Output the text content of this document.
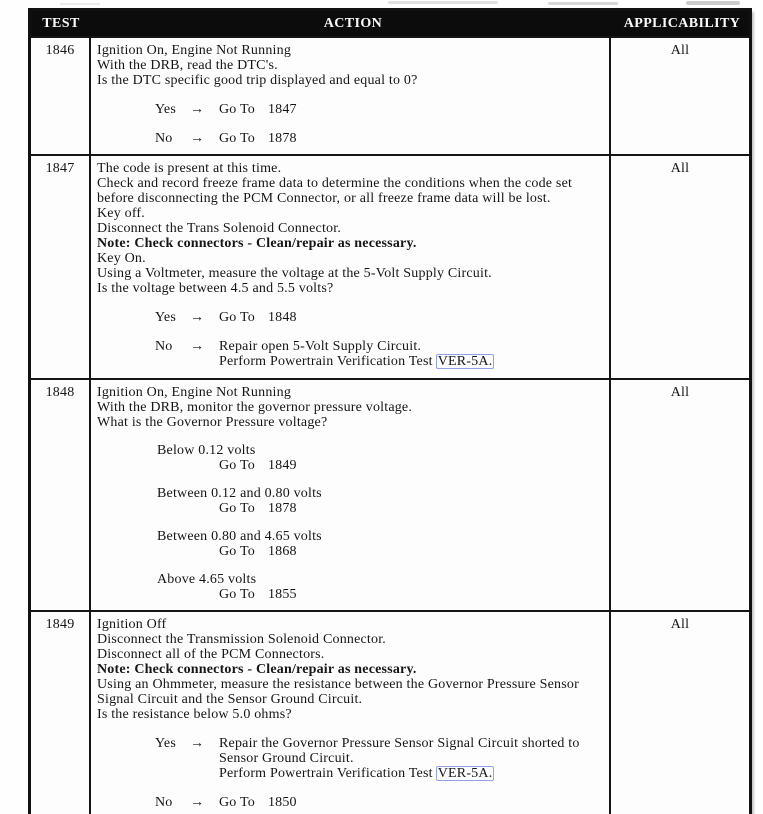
TEST	ACTION	APPLICABILITY
1846	Ignition On, Engine Not Running
With the DRB, read the DTC's.
Is the DTC specific good trip displayed and equal to 0?
Yes	→	Go To 1847
No	→	Go To 1878
All
1847	The code is present at this time.
Check and record freeze frame data to determine the conditions when the code set before disconnecting the PCM Connector, or all freeze frame data will be lost.
Key off.
Disconnect the Trans Solenoid Connector.
Note: Check connectors - Clean/repair as necessary.
Key On.
Using a Voltmeter, measure the voltage at the 5-Volt Supply Circuit.
Is the voltage between 4.5 and 5.5 volts?
Yes	→	Go To 1848
No	→	Repair open 5-Volt Supply Circuit.
Perform Powertrain Verification Test VER-5A.
All
1848	Ignition On, Engine Not Running
With the DRB, monitor the governor pressure voltage.
What is the Governor Pressure voltage?
Below 0.12 volts
Go To 1849
Between 0.12 and 0.80 volts
Go To 1878
Between 0.80 and 4.65 volts
Go To 1868
Above 4.65 volts
Go To 1855
All
1849	Ignition Off
Disconnect the Transmission Solenoid Connector.
Disconnect all of the PCM Connectors.
Note: Check connectors - Clean/repair as necessary.
Using an Ohmmeter, measure the resistance between the Governor Pressure Sensor Signal Circuit and the Sensor Ground Circuit.
Is the resistance below 5.0 ohms?
Yes	→	Repair the Governor Pressure Sensor Signal Circuit shorted to Sensor Ground Circuit.
Perform Powertrain Verification Test VER-5A.
No	→	Go To 1850
All
